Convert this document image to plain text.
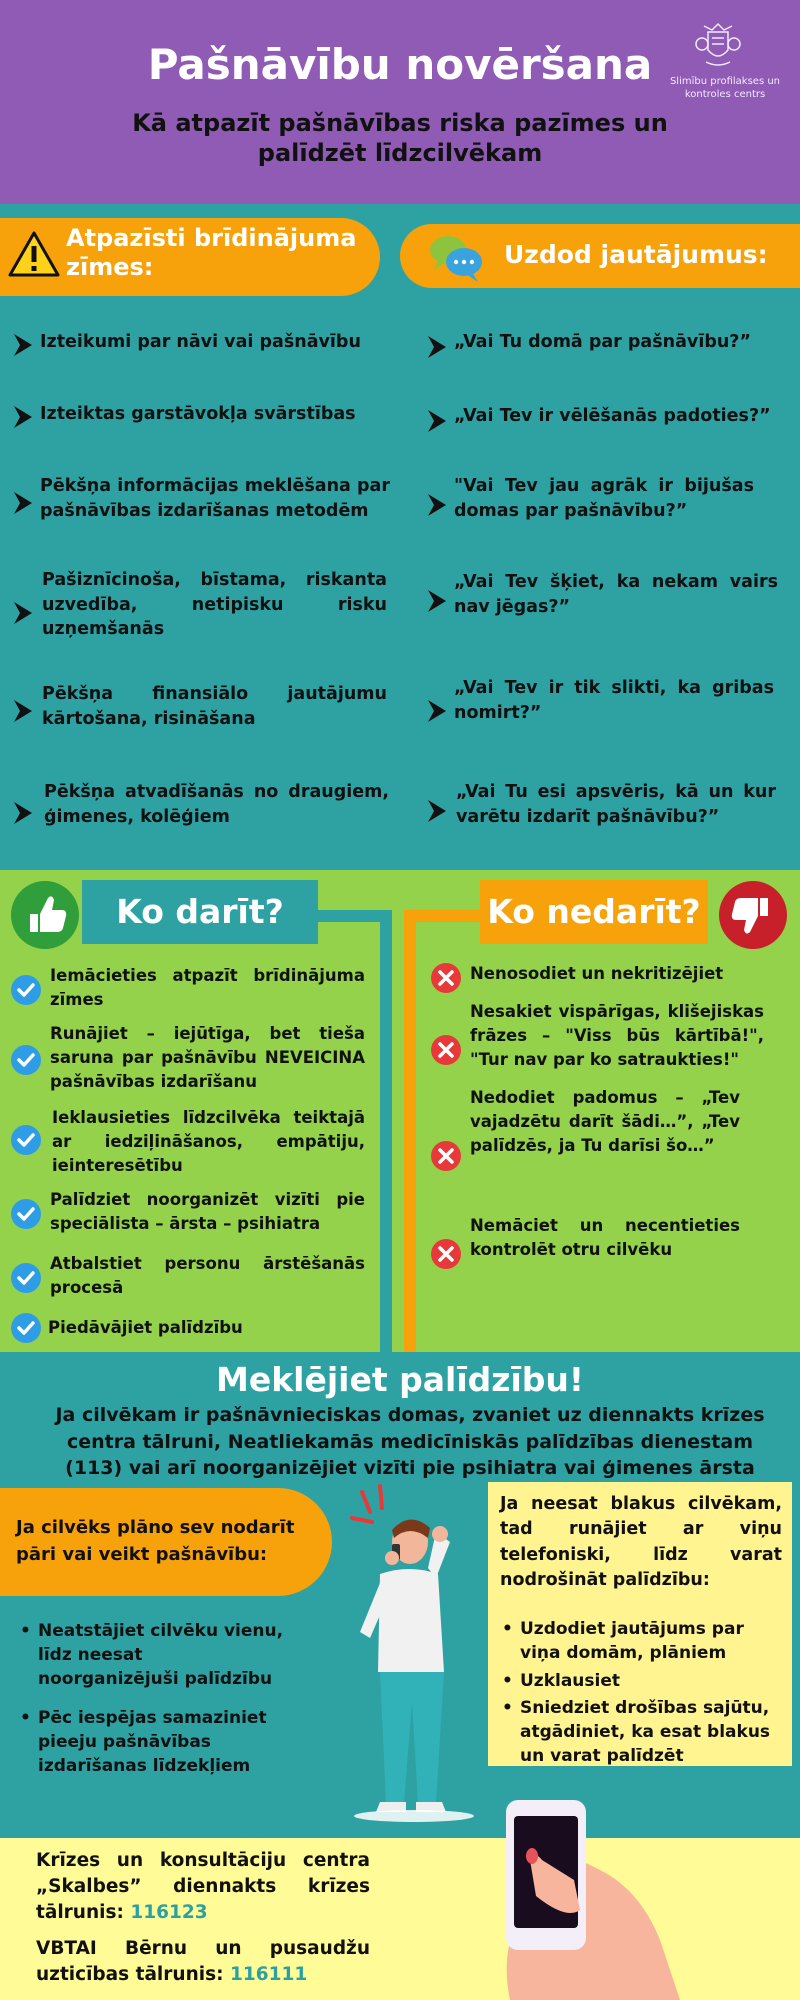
Pašnāvību novēršana
Kā atpazīt pašnāvības riska pazīmes un palīdzēt līdzcilvēkam
Slimību profilakses un kontroles centrs
Atpazīsti brīdinājuma zīmes:	Uzdod jautājumus:
Izteikumi par nāvi vai pašnāvību
Izteiktas garstāvokļa svārstības
Pēkšņa informācijas meklēšana par pašnāvības izdarīšanas metodēm
Pašiznīcinoša, bīstama, riskanta uzvedība, netipisku risku uzņemšanās
Pēkšņa finansiālo jautājumu kārtošana, risināšana
Pēkšņa atvadīšanās no draugiem, ģimenes, kolēģiem
„Vai Tu domā par pašnāvību?”
„Vai Tev ir vēlēšanās padoties?”
"Vai Tev jau agrāk ir bijušas domas par pašnāvību?”
„Vai Tev šķiet, ka nekam vairs nav jēgas?”
„Vai Tev ir tik slikti, ka gribas nomirt?”
„Vai Tu esi apsvēris, kā un kur varētu izdarīt pašnāvību?”
Ko darīt?	Ko nedarīt?
Iemācieties atpazīt brīdinājuma zīmes
Runājiet – iejūtīga, bet tieša saruna par pašnāvību NEVEICINA pašnāvības izdarīšanu
Ieklausieties līdzcilvēka teiktajā ar iedziļināšanos, empātiju, ieinteresētību
Palīdziet noorganizēt vizīti pie speciālista – ārsta – psihiatra
Atbalstiet personu ārstēšanās procesā
Piedāvājiet palīdzību
Nenosodiet un nekritizējiet
Nesakiet vispārīgas, klišejiskas frāzes – "Viss būs kārtībā!", "Tur nav par ko satraukties!"
Nedodiet padomus – „Tev vajadzētu darīt šādi…”, „Tev palīdzēs, ja Tu darīsi šo…”
Nemāciet un necentieties kontrolēt otru cilvēku
Meklējiet palīdzību!
Ja cilvēkam ir pašnāvnieciskas domas, zvaniet uz diennakts krīzes centra tālruni, Neatliekamās medicīniskās palīdzības dienestam (113) vai arī noorganizējiet vizīti pie psihiatra vai ģimenes ārsta
Ja cilvēks plāno sev nodarīt pāri vai veikt pašnāvību:
• Neatstājiet cilvēku vienu, līdz neesat noorganizējuši palīdzību
• Pēc iespējas samaziniet pieeju pašnāvības izdarīšanas līdzekļiem
Ja neesat blakus cilvēkam, tad runājiet ar viņu telefoniski, līdz varat nodrošināt palīdzību:
• Uzdodiet jautājums par viņa domām, plāniem
• Uzklausiet
• Sniedziet drošības sajūtu, atgādiniet, ka esat blakus un varat palīdzēt
Krīzes un konsultāciju centra „Skalbes” diennakts krīzes tālrunis: 116123
VBTAI Bērnu un pusaudžu uzticības tālrunis: 116111
